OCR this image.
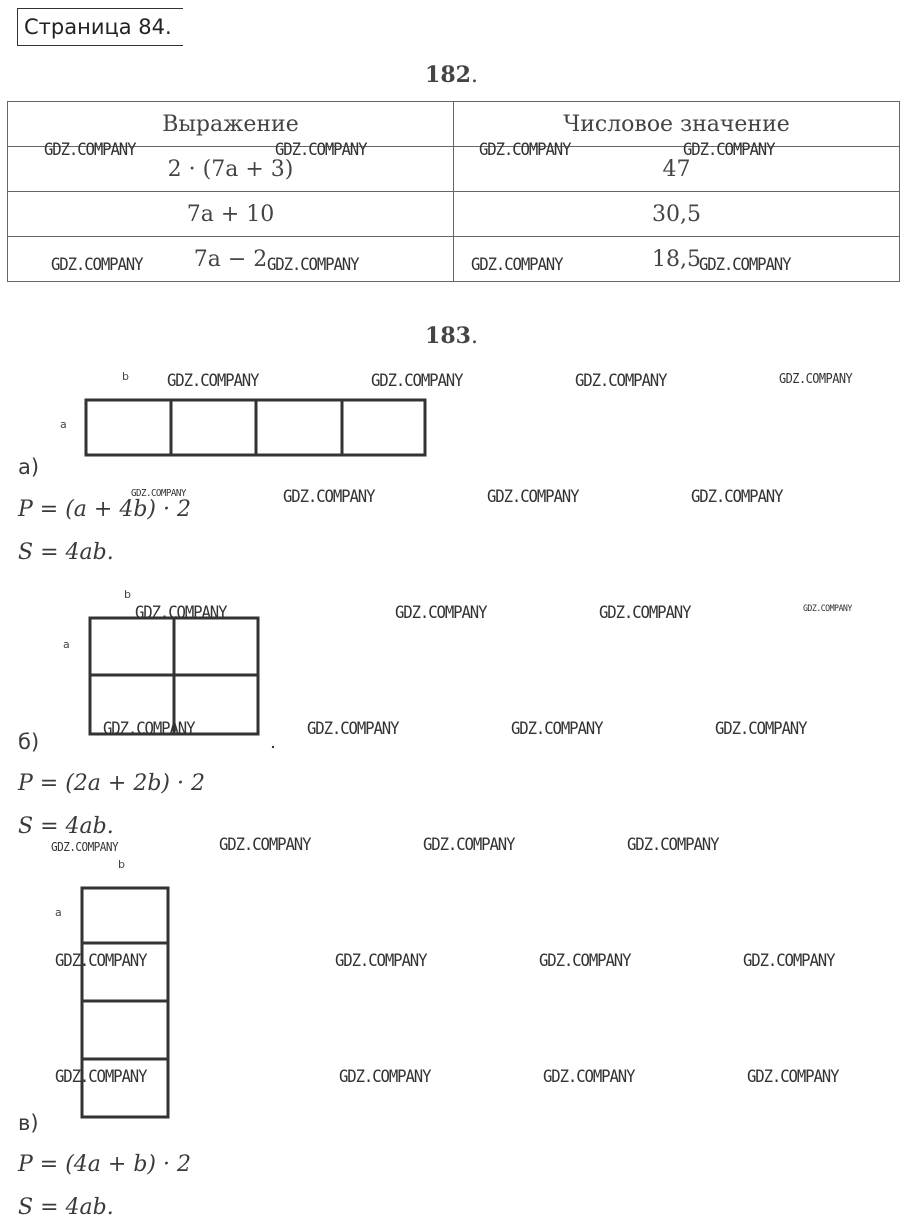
Страница 84.
182.
Выражение	Числовое значение
2 · (7a + 3)	47
7a + 10	30,5
7a − 2	18,5
183.
b
a
а)
P = (a + 4b) · 2
S = 4ab.
b
a
б)
P = (2a + 2b) · 2
S = 4ab.
b
a
в)
P = (4a + b) · 2
S = 4ab.
GDZ.COMPANY	GDZ.COMPANY	GDZ.COMPANY	GDZ.COMPANY
GDZ.COMPANY	GDZ.COMPANY	GDZ.COMPANY	GDZ.COMPANY
GDZ.COMPANY	GDZ.COMPANY	GDZ.COMPANY	GDZ.COMPANY
GDZ.COMPANY	GDZ.COMPANY	GDZ.COMPANY	GDZ.COMPANY
GDZ.COMPANY	GDZ.COMPANY	GDZ.COMPANY	GDZ.COMPANY
GDZ.COMPANY	GDZ.COMPANY	GDZ.COMPANY	GDZ.COMPANY
GDZ.COMPANY	GDZ.COMPANY	GDZ.COMPANY	GDZ.COMPANY
GDZ.COMPANY	GDZ.COMPANY	GDZ.COMPANY	GDZ.COMPANY
GDZ.COMPANY	GDZ.COMPANY	GDZ.COMPANY	GDZ.COMPANY
